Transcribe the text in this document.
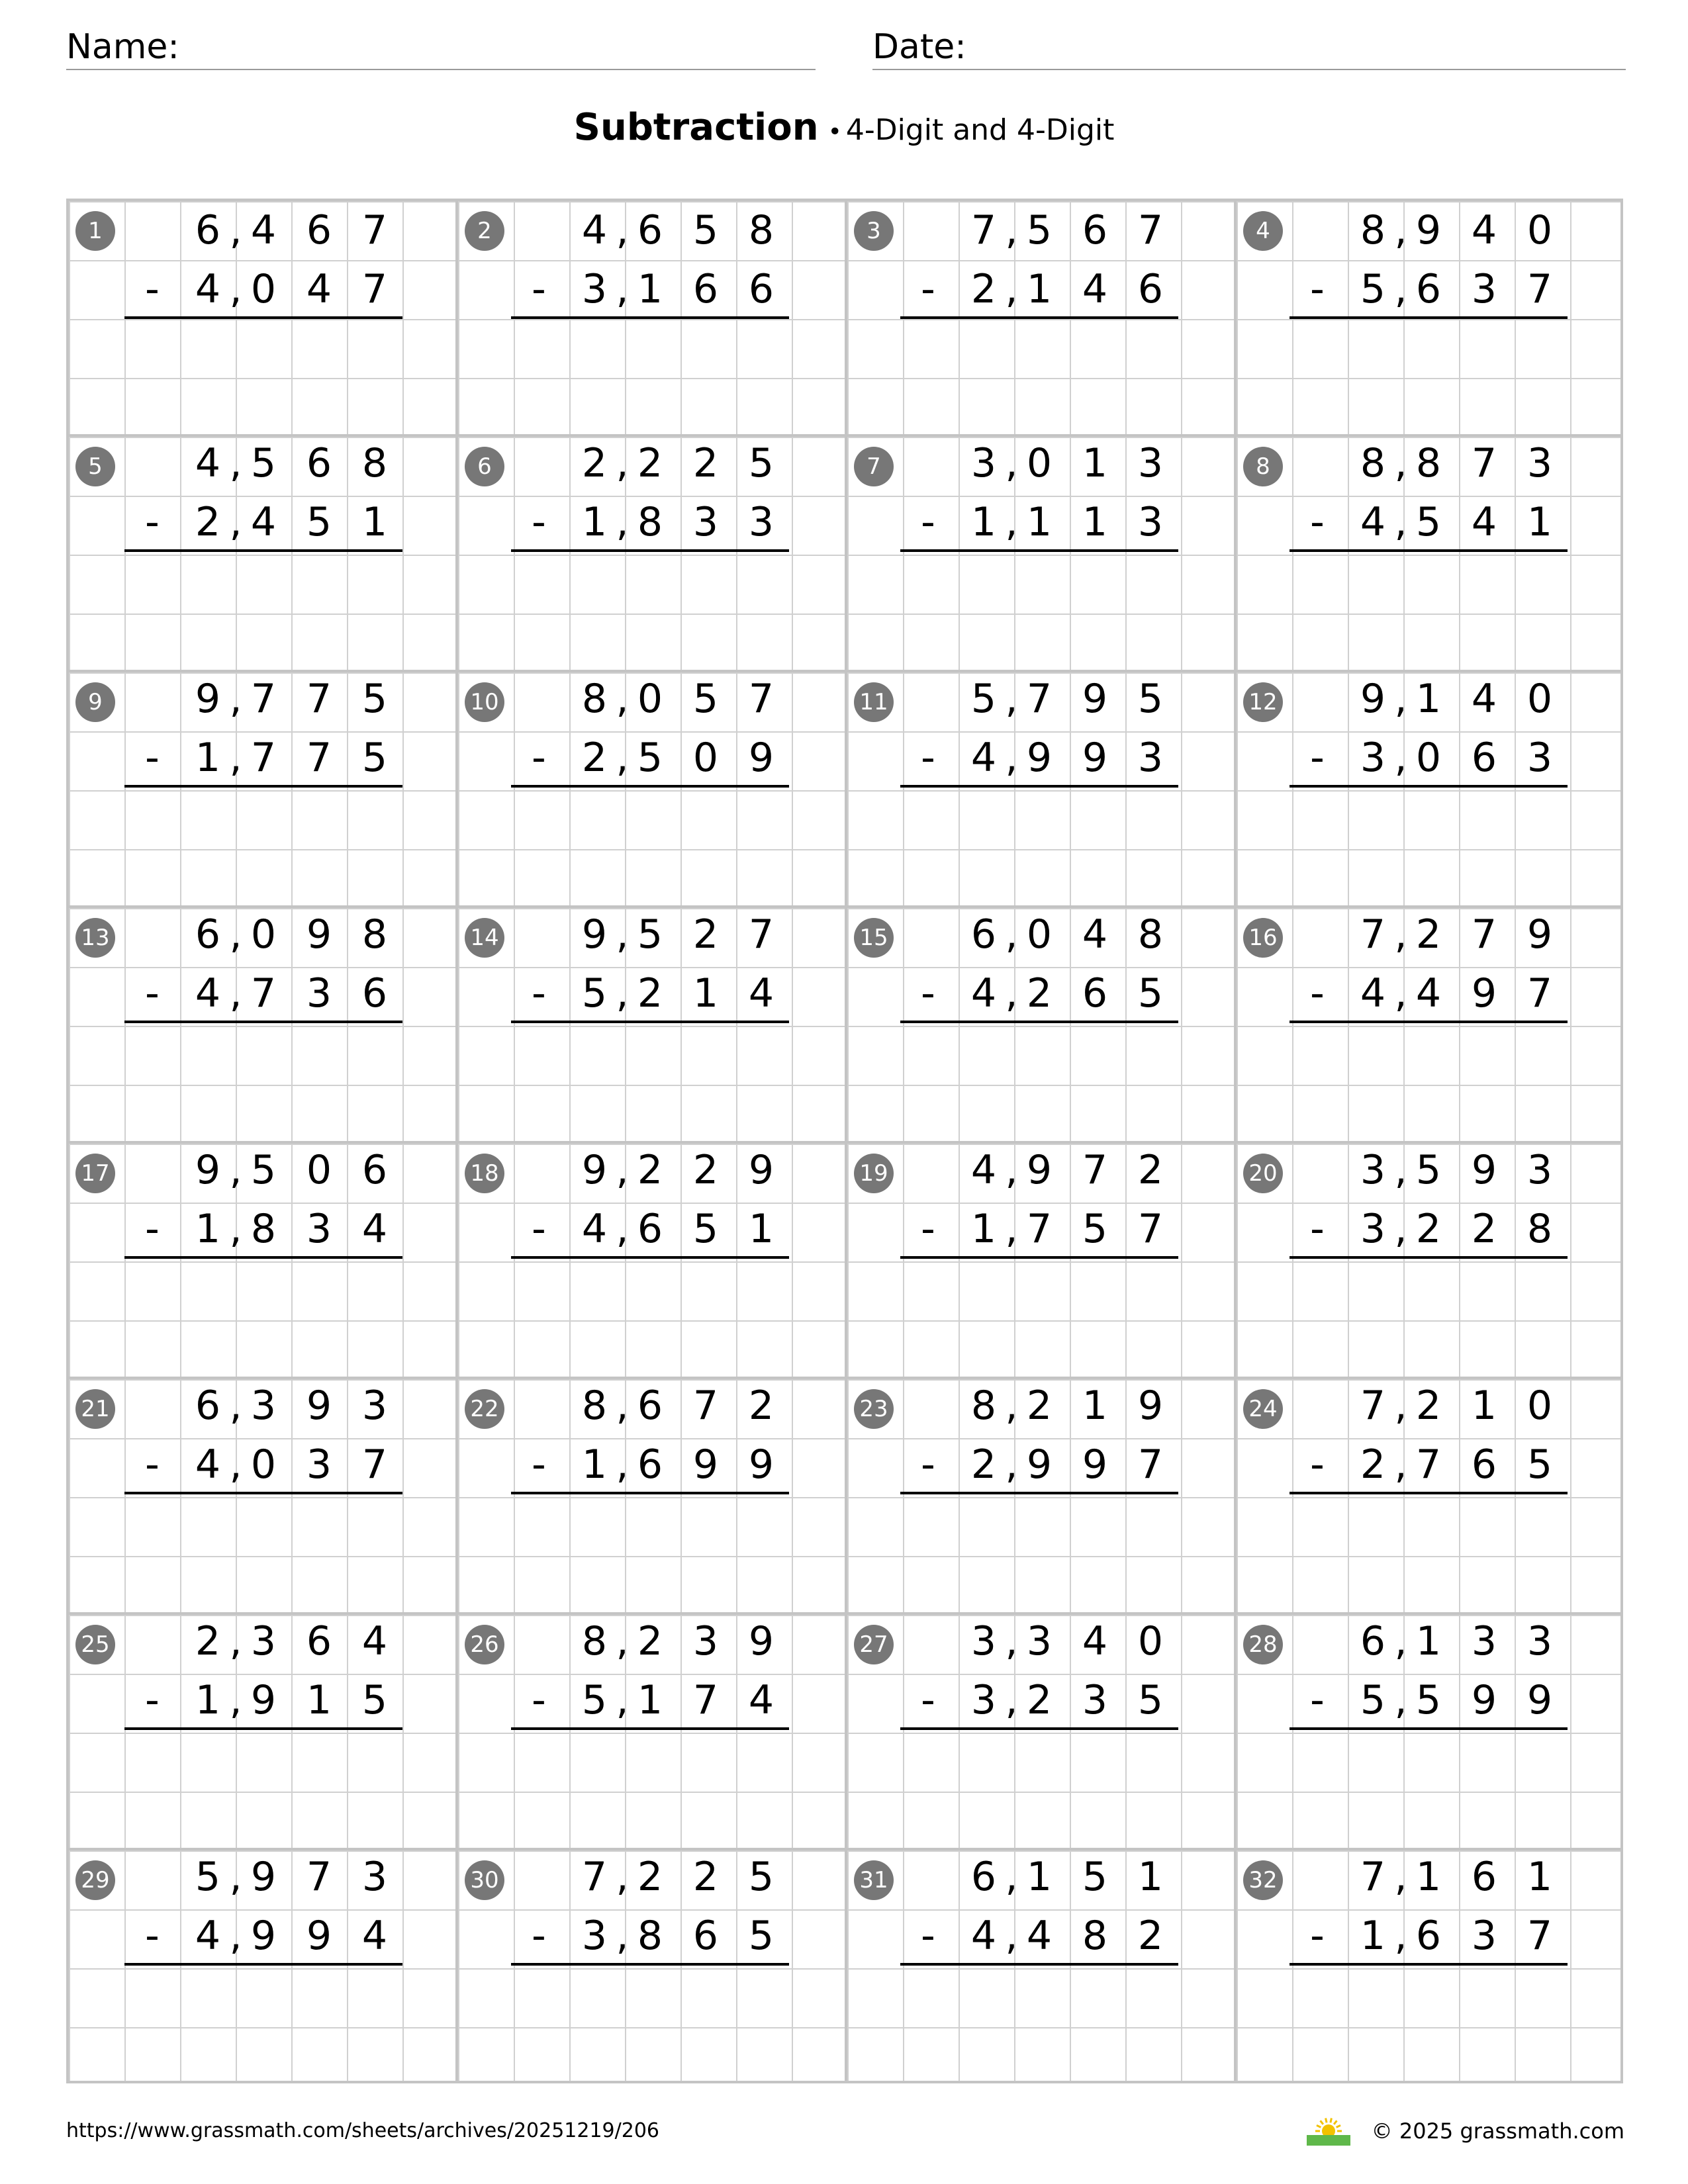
Name:	Date:
Subtraction • 4-Digit and 4-Digit
1	6 4 6 7
,
4 0 4 7
,
-
2	4 6 5 8
,
3 1 6 6
,
-
3	7 5 6 7
,
2 1 4 6
,
-
4	8 9 4 0
,
5 6 3 7
,
-
5	4 5 6 8
,
2 4 5 1
,
-
6	2 2 2 5
,
1 8 3 3
,
-
7	3 0 1 3
,
1 1 1 3
,
-
8	8 8 7 3
,
4 5 4 1
,
-
9	9 7 7 5
,
1 7 7 5
,
-
10	8 0 5 7
,
2 5 0 9
,
-
11	5 7 9 5
,
4 9 9 3
,
-
12	9 1 4 0
,
3 0 6 3
,
-
13	6 0 9 8
,
4 7 3 6
,
-
14	9 5 2 7
,
5 2 1 4
,
-
15	6 0 4 8
,
4 2 6 5
,
-
16	7 2 7 9
,
4 4 9 7
,
-
17	9 5 0 6
,
1 8 3 4
,
-
18	9 2 2 9
,
4 6 5 1
,
-
19	4 9 7 2
,
1 7 5 7
,
-
20	3 5 9 3
,
3 2 2 8
,
-
21	6 3 9 3
,
4 0 3 7
,
-
22	8 6 7 2
,
1 6 9 9
,
-
23	8 2 1 9
,
2 9 9 7
,
-
24	7 2 1 0
,
2 7 6 5
,
-
25	2 3 6 4
,
1 9 1 5
,
-
26	8 2 3 9
,
5 1 7 4
,
-
27	3 3 4 0
,
3 2 3 5
,
-
28	6 1 3 3
,
5 5 9 9
,
-
29	5 9 7 3
,
4 9 9 4
,
-
30	7 2 2 5
,
3 8 6 5
,
-
31	6 1 5 1
,
4 4 8 2
,
-
32	7 1 6 1
,
1 6 3 7
,
-
https://www.grassmath.com/sheets/archives/20251219/206	© 2025 grassmath.com
